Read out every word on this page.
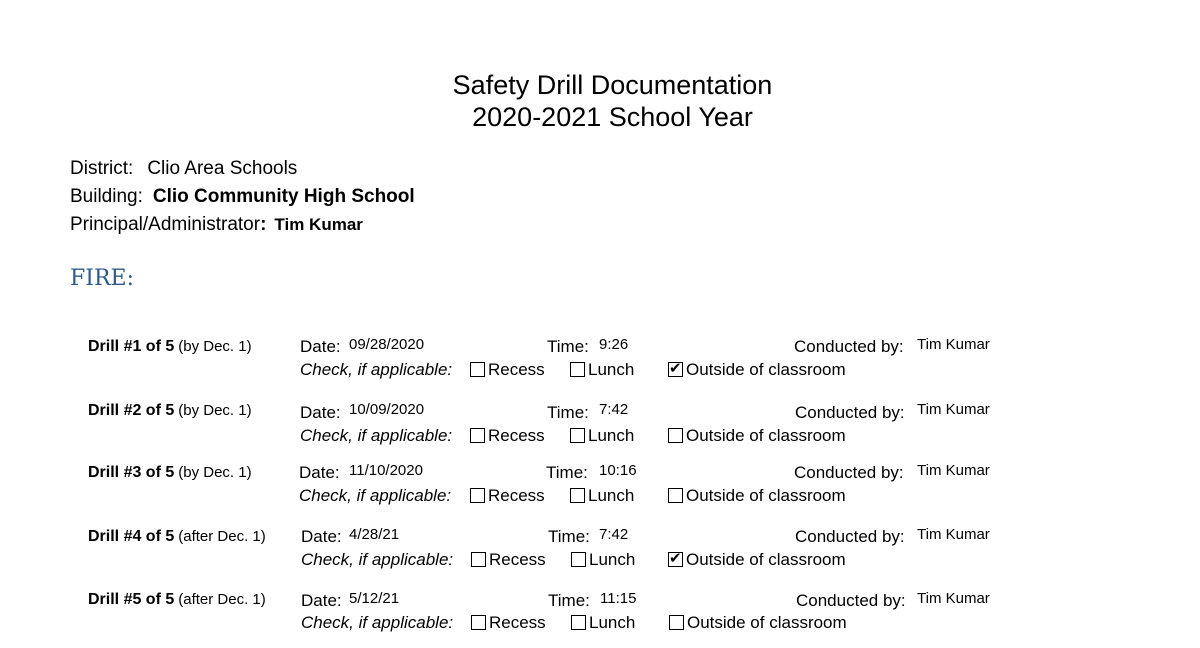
Safety Drill Documentation
2020-2021 School Year
District: Clio Area Schools
Building: Clio Community High School
Principal/Administrator: Tim Kumar
FIRE:
Drill #1 of 5 (by Dec. 1)	Date: 09/28/2020	Time: 9:26	Conducted by: Tim Kumar
Check, if applicable:	Recess	Lunch ✔ Outside of classroom
Drill #2 of 5 (by Dec. 1)	Date: 10/09/2020	Time: 7:42	Conducted by: Tim Kumar
Check, if applicable:	Recess	Lunch	Outside of classroom
Drill #3 of 5 (by Dec. 1)	Date: 11/10/2020	Time: 10:16	Conducted by: Tim Kumar
Check, if applicable:	Recess	Lunch	Outside of classroom
Drill #4 of 5 (after Dec. 1) Date: 4/28/21	Time: 7:42	Conducted by: Tim Kumar
Check, if applicable:	Recess	Lunch ✔ Outside of classroom
Drill #5 of 5 (after Dec. 1) Date: 5/12/21	Time: 11:15	Conducted by: Tim Kumar
Check, if applicable:	Recess	Lunch	Outside of classroom
